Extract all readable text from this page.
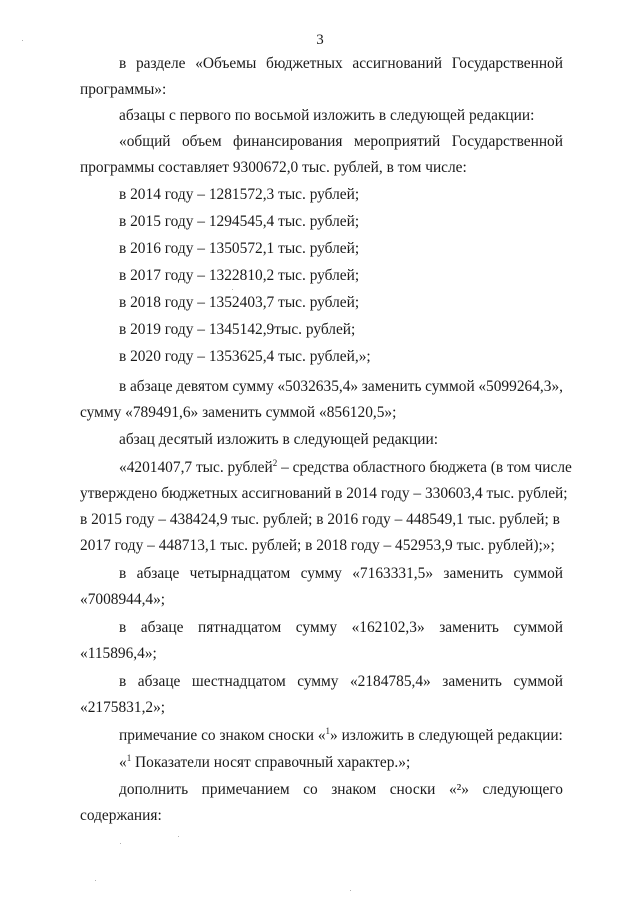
3
в разделе «Объемы бюджетных ассигнований Государственной
программы»:
абзацы с первого по восьмой изложить в следующей редакции:
«общий объем финансирования мероприятий Государственной
программы составляет 9300672,0 тыс. рублей, в том числе:
в 2014 году – 1281572,3 тыс. рублей;
в 2015 году – 1294545,4 тыс. рублей;
в 2016 году – 1350572,1 тыс. рублей;
в 2017 году – 1322810,2 тыс. рублей;
в 2018 году – 1352403,7 тыс. рублей;
в 2019 году – 1345142,9тыс. рублей;
в 2020 году – 1353625,4 тыс. рублей,»;
в абзаце девятом сумму «5032635,4» заменить суммой «5099264,3»,
сумму «789491,6» заменить суммой «856120,5»;
абзац десятый изложить в следующей редакции:
«4201407,7 тыс. рублей$^2$ – средства областного бюджета (в том числе
утверждено бюджетных ассигнований в 2014 году – 330603,4 тыс. рублей;
в 2015 году – 438424,9 тыс. рублей; в 2016 году – 448549,1 тыс. рублей; в
2017 году – 448713,1 тыс. рублей; в 2018 году – 452953,9 тыс. рублей);»;
в абзаце четырнадцатом сумму «7163331,5» заменить суммой
«7008944,4»;
в абзаце пятнадцатом сумму «162102,3» заменить суммой
«115896,4»;
в абзаце шестнадцатом сумму «2184785,4» заменить суммой
«2175831,2»;
примечание со знаком сноски «$^1$» изложить в следующей редакции:
«$^1$ Показатели носят справочный характер.»;
дополнить примечанием со знаком сноски «²» следующего
содержания:
